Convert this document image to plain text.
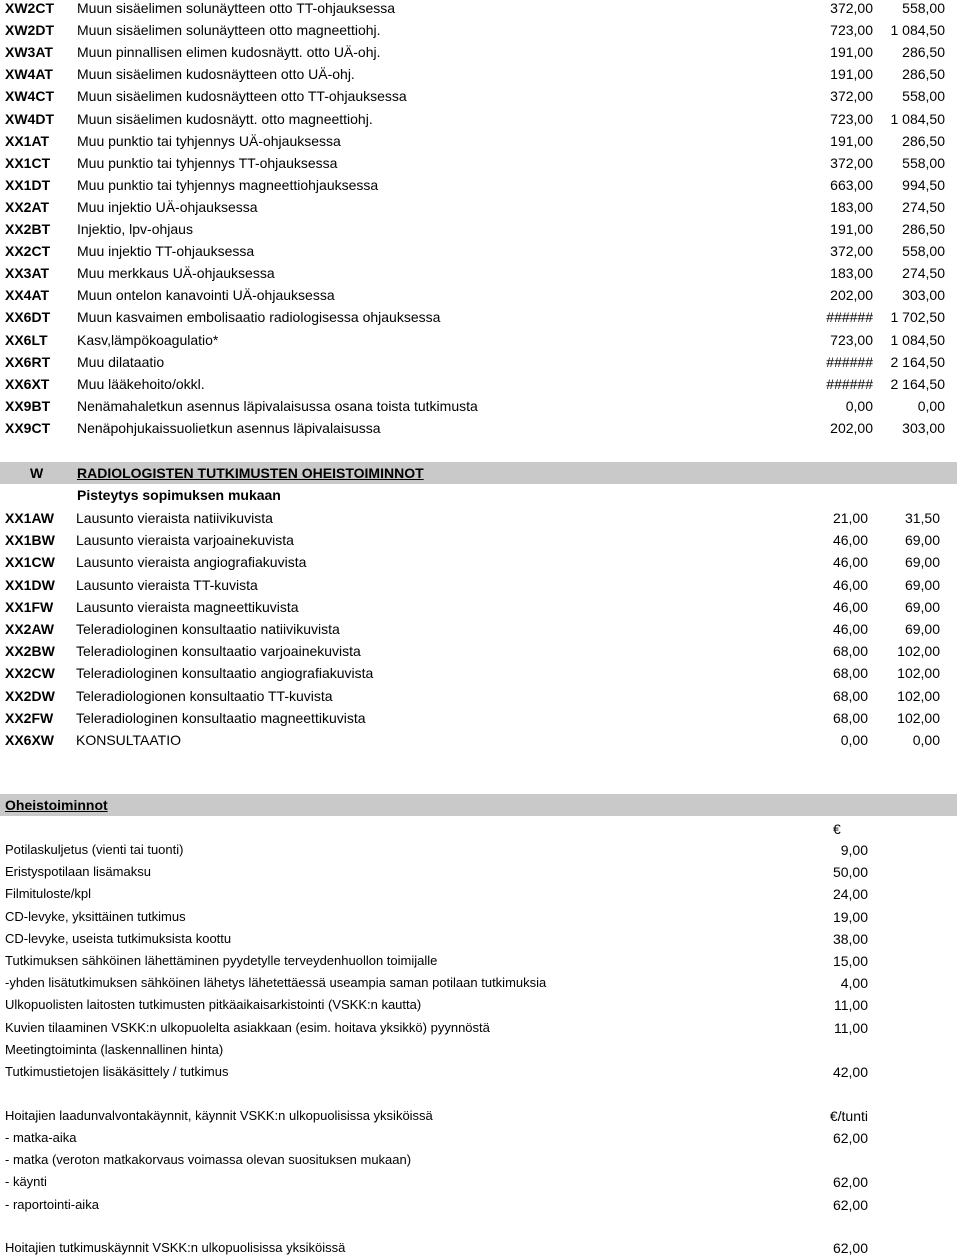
XW2CT Muun sisäelimen solunäytteen otto TT-ohjauksessa	372,00 558,00
XW2DT Muun sisäelimen solunäytteen otto magneettiohj.	723,00 1 084,50
XW3AT Muun pinnallisen elimen kudosnäytt. otto UÄ-ohj.	191,00 286,50
XW4AT Muun sisäelimen kudosnäytteen otto UÄ-ohj.	191,00 286,50
XW4CT Muun sisäelimen kudosnäytteen otto TT-ohjauksessa	372,00 558,00
XW4DT Muun sisäelimen kudosnäytt. otto magneettiohj.	723,00 1 084,50
XX1AT Muu punktio tai tyhjennys UÄ-ohjauksessa	191,00 286,50
XX1CT Muu punktio tai tyhjennys TT-ohjauksessa	372,00 558,00
XX1DT Muu punktio tai tyhjennys magneettiohjauksessa	663,00 994,50
XX2AT Muu injektio UÄ-ohjauksessa	183,00 274,50
XX2BT Injektio, lpv-ohjaus	191,00 286,50
XX2CT Muu injektio TT-ohjauksessa	372,00 558,00
XX3AT Muu merkkaus UÄ-ohjauksessa	183,00 274,50
XX4AT Muun ontelon kanavointi UÄ-ohjauksessa	202,00 303,00
XX6DT Muun kasvaimen embolisaatio radiologisessa ohjauksessa	###### 1 702,50
XX6LT Kasv,lämpökoagulatio*	723,00 1 084,50
XX6RT Muu dilataatio	###### 2 164,50
XX6XT Muu lääkehoito/okkl.	###### 2 164,50
XX9BT Nenämahaletkun asennus läpivalaisussa osana toista tutkimusta	0,00	0,00
XX9CT Nenäpohjukaissuolietkun asennus läpivalaisussa	202,00 303,00
W RADIOLOGISTEN TUTKIMUSTEN OHEISTOIMINNOT
Pisteytys sopimuksen mukaan
XX1AW Lausunto vieraista natiivikuvista	21,00	31,50
XX1BW Lausunto vieraista varjoainekuvista	46,00	69,00
XX1CW Lausunto vieraista angiografiakuvista	46,00	69,00
XX1DW Lausunto vieraista TT-kuvista	46,00	69,00
XX1FW Lausunto vieraista magneettikuvista	46,00	69,00
XX2AW Teleradiologinen konsultaatio natiivikuvista	46,00	69,00
XX2BW Teleradiologinen konsultaatio varjoainekuvista	68,00 102,00
XX2CW Teleradiologinen konsultaatio angiografiakuvista	68,00 102,00
XX2DW Teleradiologionen konsultaatio TT-kuvista	68,00 102,00
XX2FW Teleradiologinen konsultaatio magneettikuvista	68,00 102,00
XX6XW KONSULTAATIO	0,00	0,00
Oheistoiminnot
€
Potilaskuljetus (vienti tai tuonti)	9,00
Eristyspotilaan lisämaksu	50,00
Filmituloste/kpl	24,00
CD-levyke, yksittäinen tutkimus	19,00
CD-levyke, useista tutkimuksista koottu	38,00
Tutkimuksen sähköinen lähettäminen pyydetylle terveydenhuollon toimijalle	15,00
-yhden lisätutkimuksen sähköinen lähetys lähetettäessä useampia saman potilaan tutkimuksia	4,00
Ulkopuolisten laitosten tutkimusten pitkäaikaisarkistointi (VSKK:n kautta)	11,00
Kuvien tilaaminen VSKK:n ulkopuolelta asiakkaan (esim. hoitava yksikkö) pyynnöstä	11,00
Meetingtoiminta (laskennallinen hinta)
Tutkimustietojen lisäkäsittely / tutkimus	42,00
Hoitajien laadunvalvontakäynnit, käynnit VSKK:n ulkopuolisissa yksiköissä	€/tunti
- matka-aika	62,00
- matka (veroton matkakorvaus voimassa olevan suosituksen mukaan)
- käynti	62,00
- raportointi-aika	62,00
Hoitajien tutkimuskäynnit VSKK:n ulkopuolisissa yksiköissä	62,00
